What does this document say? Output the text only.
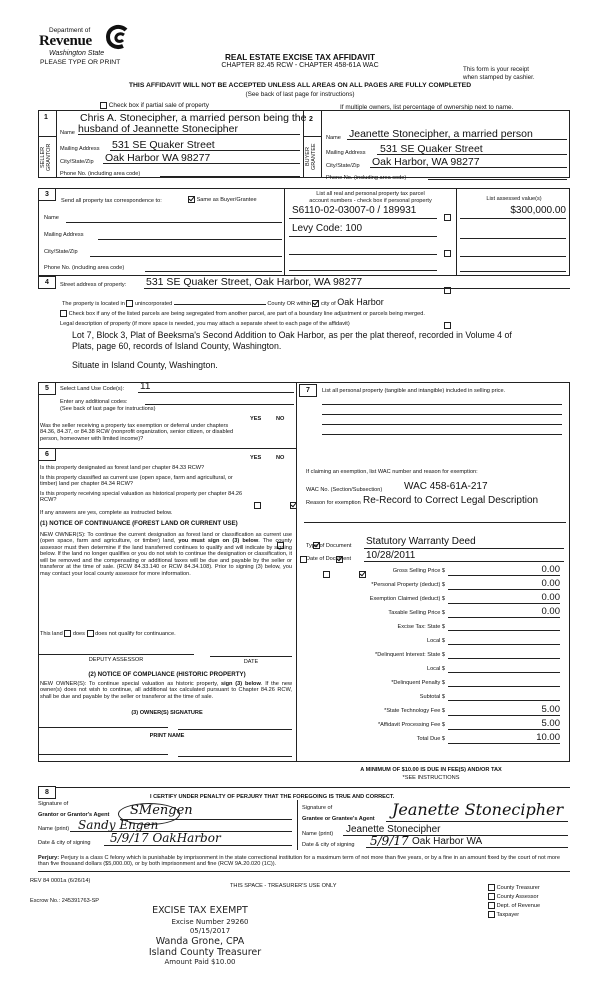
Department of
Revenue
Washington State
PLEASE TYPE OR PRINT
REAL ESTATE EXCISE TAX AFFIDAVIT
CHAPTER 82.45 RCW - CHAPTER 458-61A WAC
This form is your receipt
when stamped by cashier.
THIS AFFIDAVIT WILL NOT BE ACCEPTED UNLESS ALL AREAS ON ALL PAGES ARE FULLY COMPLETED
(See back of last page for instructions)
Check box if partial sale of property	If multiple owners, list percentage of ownership next to name.
1
SELLER GRANTOR
Chris A. Stonecipher, a married person being the
Name husband of Jeannette Stonecipher
Mailing Address 531 SE Quaker Street
City/State/Zip Oak Harbor WA 98277
Phone No. (including area code)
2
BUYER GRANTEE
Name Jeanette Stonecipher, a married person
Mailing Address 531 SE Quaker Street
City/State/Zip Oak Harbor, WA 98277
Phone No. (including area code)
3
Send all property tax correspondence to:	Same as Buyer/Grantee
Name
Mailing Address
City/State/Zip
Phone No. (including area code)
List all real and personal property tax parcel
account numbers - check box if personal property	List assessed value(s)
S6110-02-03007-0 / 189931	$300,000.00
Levy Code: 100
4	Street address of property: 531 SE Quaker Street, Oak Harbor, WA 98277
The property is located in unincorporated	County OR within city of Oak Harbor
Check box if any of the listed parcels are being segregated from another parcel, are part of a boundary line adjustment or parcels being merged.
Legal description of property (if more space is needed, you may attach a separate sheet to each page of the affidavit)
Lot 7, Block 3, Plat of Beeksma's Second Addition to Oak Harbor, as per the plat thereof, recorded in Volume 4 of
Plats, page 60, records of Island County, Washington.
Situate in Island County, Washington.
5	Select Land Use Code(s): 11
Enter any additional codes:
(See back of last page for instructions)
YES	NO
Was the seller receiving a property tax exemption or deferral under chapters 84.36, 84.37, or 84.38 RCW (nonprofit organization, senior citizen, or disabled person, homeowner with limited income)?

6	YES	NO
Is this property designated as forest land per chapter 84.33 RCW?

Is this property classified as current use (open space, farm and agricultural, or timber) land per chapter 84.34 RCW?

Is this property receiving special valuation as historical property per chapter 84.26 RCW?

If any answers are yes, complete as instructed below.
(1) NOTICE OF CONTINUANCE (FOREST LAND OR CURRENT USE)
NEW OWNER(S): To continue the current designation as forest land or classification as current use (open space, farm and agriculture, or timber) land, you must sign on (3) below. The county assessor must then determine if the land transferred continues to qualify and will indicate by signing below. If the land no longer qualifies or you do not wish to continue the designation or classification, it will be removed and the compensating or additional taxes will be due and payable by the seller or transferor at the time of sale. (RCW 84.33.140 or RCW 84.34.108). Prior to signing (3) below, you may contact your local county assessor for more information.
This land does does not qualify for continuance.
DEPUTY ASSESSOR	DATE
(2) NOTICE OF COMPLIANCE (HISTORIC PROPERTY)
NEW OWNER(S): To continue special valuation as historic property, sign (3) below. If the new owner(s) does not wish to continue, all additional tax calculated pursuant to Chapter 84.26 RCW, shall be due and payable by the seller or transferor at the time of sale.
(3) OWNER(S) SIGNATURE
PRINT NAME
7	List all personal property (tangible and intangible) included in selling price.
If claiming an exemption, list WAC number and reason for exemption:
WAC No. (Section/Subsection) WAC 458-61A-217
Reason for exemption Re-Record to Correct Legal Description
Type of Document Statutory Warranty Deed
Date of Document 10/28/2011
Gross Selling Price $	0.00
*Personal Property (deduct) $	0.00
Exemption Claimed (deduct) $	0.00
Taxable Selling Price $	0.00
Excise Tax: State $
Local $
*Delinquent Interest: State $
Local $
*Delinquent Penalty $
Subtotal $
*State Technology Fee $	5.00
*Affidavit Processing Fee $	5.00
Total Due $	10.00
A MINIMUM OF $10.00 IS DUE IN FEE(S) AND/OR TAX
*SEE INSTRUCTIONS
8
I CERTIFY UNDER PENALTY OF PERJURY THAT THE FOREGOING IS TRUE AND CORRECT.
Signature of
Grantor or Grantor's Agent SMengen
Name (print) Sandy Engen
Date & city of signing 5/9/17 OakHarbor
Signature of
Grantee or Grantee's Agent Jeanette Stonecipher
Name (print) Jeanette Stonecipher
Date & city of signing 5/9/17 Oak Harbor WA
Perjury: Perjury is a class C felony which is punishable by imprisonment in the state correctional institution for a maximum term of not more than five years, or by a fine in an amount fixed by the court of not more than five thousand dollars ($5,000.00), or by both imprisonment and fine (RCW 9A.20.020 (1C)).
REV 84 0001a (6/26/14)
THIS SPACE - TREASURER'S USE ONLY
Escrow No.: 245391763-SP
County Treasurer
County Assessor
Dept. of Revenue
Taxpayer
EXCISE TAX EXEMPT
Excise Number 29260
05/15/2017
Wanda Grone, CPA
Island County Treasurer
Amount Paid $10.00
